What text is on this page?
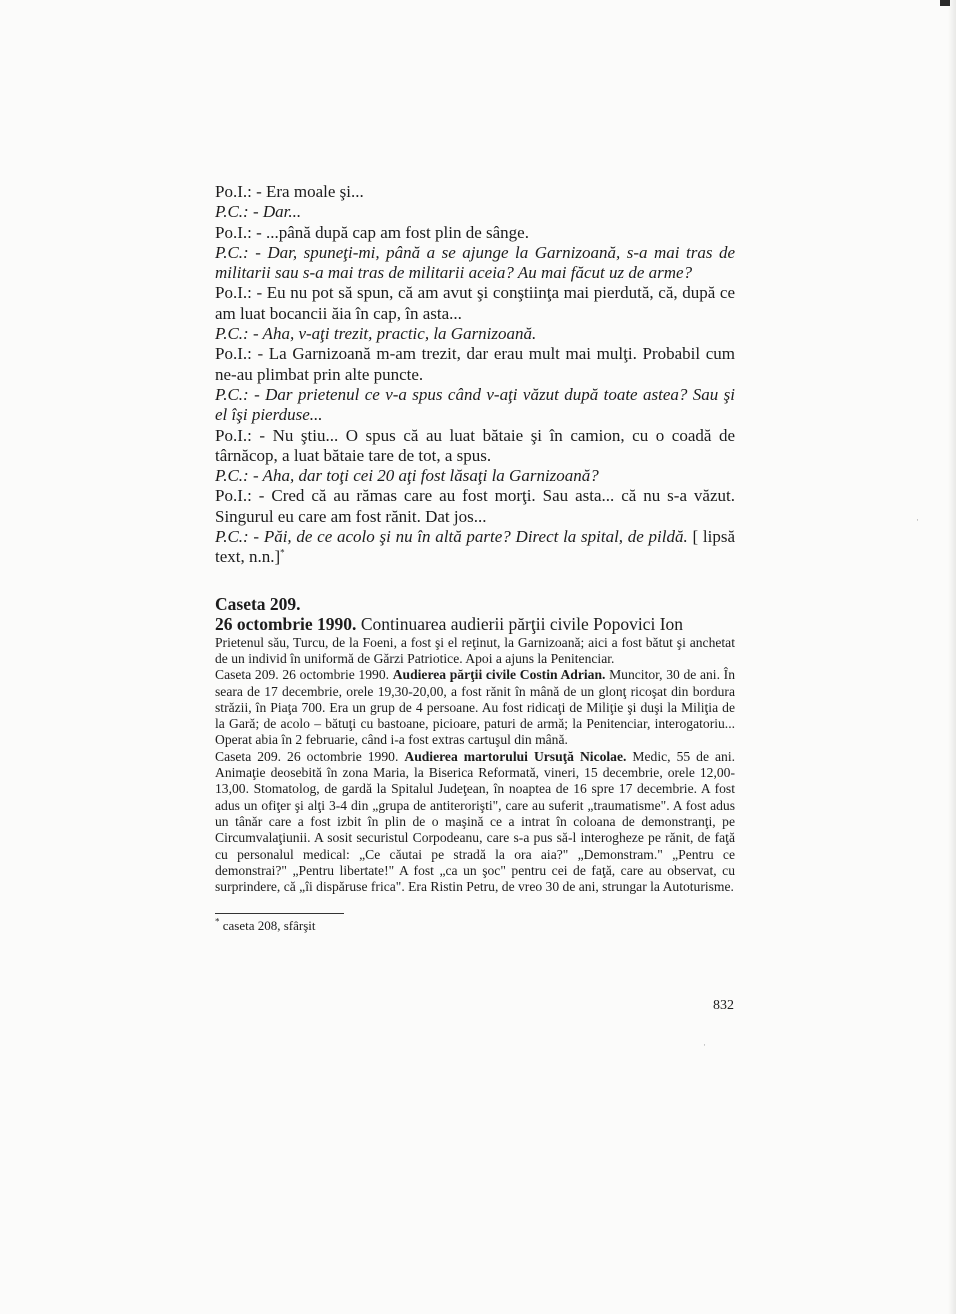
Po.I.: - Era moale şi...

P.C.: - Dar...

Po.I.: - ...până după cap am fost plin de sânge.

P.C.: - Dar, spuneţi-mi, până a se ajunge la Garnizoană, s-a mai tras de militarii sau s-a mai tras de militarii aceia? Au mai făcut uz de arme?

Po.I.: - Eu nu pot să spun, că am avut şi conştiinţa mai pierdută, că, după ce am luat bocancii ăia în cap, în asta...

P.C.: - Aha, v-aţi trezit, practic, la Garnizoană.

Po.I.: - La Garnizoană m-am trezit, dar erau mult mai mulţi. Probabil cum ne-au plimbat prin alte puncte.

P.C.: - Dar prietenul ce v-a spus când v-aţi văzut după toate astea? Sau şi el îşi pierduse...

Po.I.: - Nu ştiu... O spus că au luat bătaie şi în camion, cu o coadă de târnăcop, a luat bătaie tare de tot, a spus.

P.C.: - Aha, dar toţi cei 20 aţi fost lăsaţi la Garnizoană?

Po.I.: - Cred că au rămas care au fost morţi. Sau asta... că nu s-a văzut. Singurul eu care am fost rănit. Dat jos...

P.C.: - Păi, de ce acolo şi nu în altă parte? Direct la spital, de pildă. [ lipsă text, n.n.]*

Caseta 209.

26 octombrie 1990. Continuarea audierii părţii civile Popovici Ion

Prietenul său, Turcu, de la Foeni, a fost şi el reţinut, la Garnizoană; aici a fost bătut şi anchetat de un individ în uniformă de Gărzi Patriotice. Apoi a ajuns la Penitenciar.

Caseta 209. 26 octombrie 1990. Audierea părţii civile Costin Adrian. Muncitor, 30 de ani. În seara de 17 decembrie, orele 19,30-20,00, a fost rănit în mână de un glonţ ricoşat din bordura străzii, în Piaţa 700. Era un grup de 4 persoane. Au fost ridicaţi de Miliţie şi duşi la Miliţia de la Gară; de acolo – bătuţi cu bastoane, picioare, paturi de armă; la Penitenciar, interogatoriu... Operat abia în 2 februarie, când i-a fost extras cartuşul din mână.

Caseta 209. 26 octombrie 1990. Audierea martorului Ursuţă Nicolae. Medic, 55 de ani. Animaţie deosebită în zona Maria, la Biserica Reformată, vineri, 15 decembrie, orele 12,00-13,00. Stomatolog, de gardă la Spitalul Judeţean, în noaptea de 16 spre 17 decembrie. A fost adus un ofiţer şi alţi 3-4 din „grupa de antiterorişti", care au suferit „traumatisme". A fost adus un tânăr care a fost izbit în plin de o maşină ce a intrat în coloana de demonstranţi, pe Circumvalaţiunii. A sosit securistul Corpodeanu, care s-a pus să-l interogheze pe rănit, de faţă cu personalul medical: „Ce căutai pe stradă la ora aia?" „Demonstram." „Pentru ce demonstrai?" „Pentru libertate!" A fost „ca un şoc" pentru cei de faţă, care au observat, cu surprindere, că „îi dispăruse frica". Era Ristin Petru, de vreo 30 de ani, strungar la Autoturisme.

* caseta 208, sfârşit
832
·
·
